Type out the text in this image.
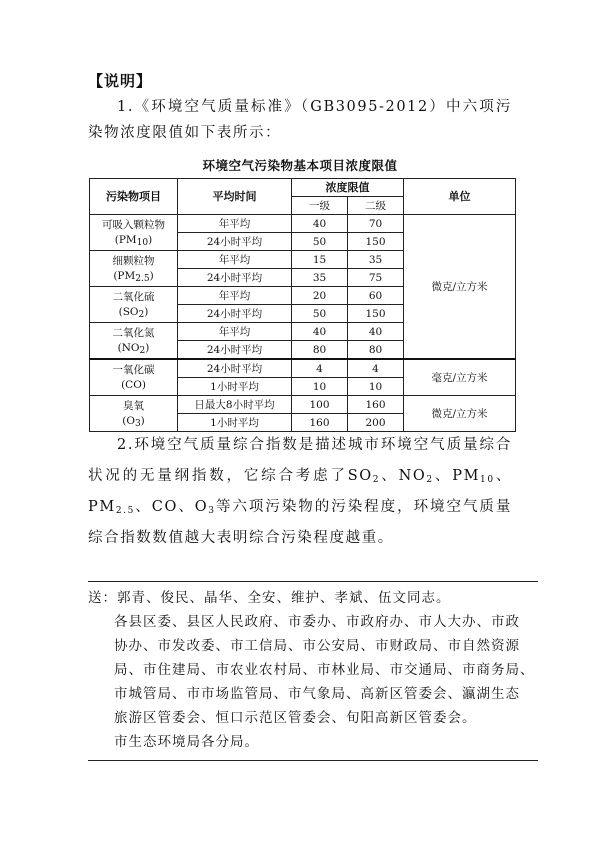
【说明】
1.《环境空气质量标准》（GB3095-2012）中六项污染物浓度限值如下表所示：
环境空气污染物基本项目浓度限值
污染物项目	平均时间	浓度限值		单位
		一级	二级	
可吸入颗粒物
$(PM_{10})$	年平均	40	70	微克/立方米
	24小时平均	50	150	
细颗粒物
$(PM_{2.5})$	年平均	15	35	
	24小时平均	35	75	
二氧化硫
$(SO_2)$	年平均	20	60	
	24小时平均	50	150	
二氧化氮
$(NO_2)$	年平均	40	40	
	24小时平均	80	80	
一氧化碳
(CO)	24小时平均	4	4	毫克/立方米
	1小时平均	10	10	
臭氧
$(O_3)$	日最大8小时平均	100	160	微克/立方米
	1小时平均	160	200	
2.环境空气质量综合指数是描述城市环境空气质量综合状况的无量纲指数，它综合考虑了$SO_2$、$NO_2$、$PM_{10}$、$PM_{2.5}$、CO、$O_3$等六项污染物的污染程度，环境空气质量综合指数数值越大表明综合污染程度越重。
送：郭青、俊民、晶华、全安、维护、孝斌、伍文同志。
各县区委、县区人民政府、市委办、市政府办、市人大办、市政
协办、市发改委、市工信局、市公安局、市财政局、市自然资源
局、市住建局、市农业农村局、市林业局、市交通局、市商务局、
市城管局、市市场监管局、市气象局、高新区管委会、瀛湖生态
旅游区管委会、恒口示范区管委会、旬阳高新区管委会。
市生态环境局各分局。
